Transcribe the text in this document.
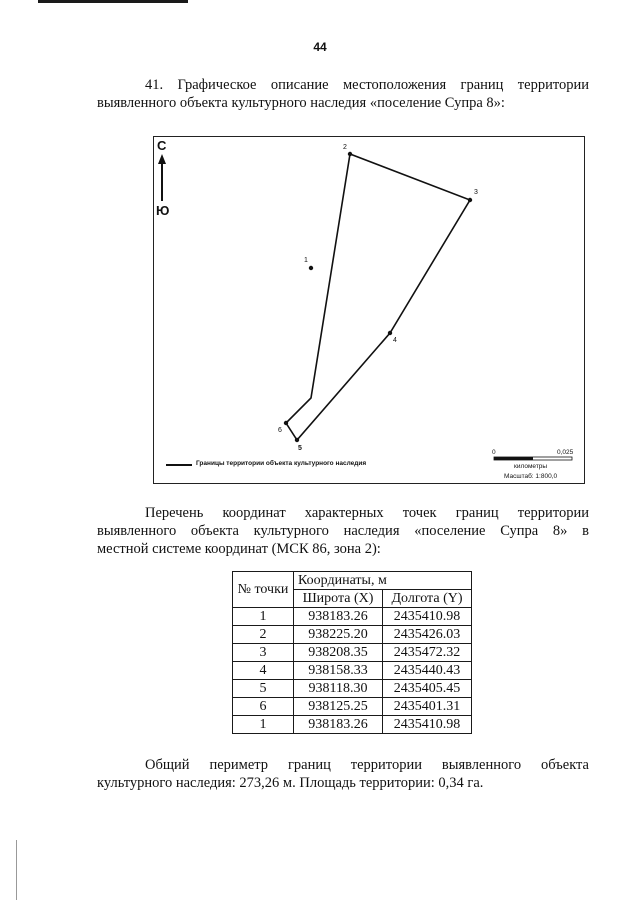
44
41. Графическое описание местоположения границ территории
выявленного объекта культурного наследия «поселение Супра 8»:
С
Ю
1
2
3
4
5
6
Границы территории объекта культурного наследия
0	0,025
километры
Масштаб: 1:800,0
Перечень координат характерных точек границ территории
выявленного объекта культурного наследия «поселение Супра 8» в
местной системе координат (МСК 86, зона 2):
№ точки	Координаты, м	
	Широта (X)	Долгота (Y)
1	938183.26	2435410.98
2	938225.20	2435426.03
3	938208.35	2435472.32
4	938158.33	2435440.43
5	938118.30	2435405.45
6	938125.25	2435401.31
1	938183.26	2435410.98
Общий периметр границ территории выявленного объекта
культурного наследия: 273,26 м. Площадь территории: 0,34 га.
